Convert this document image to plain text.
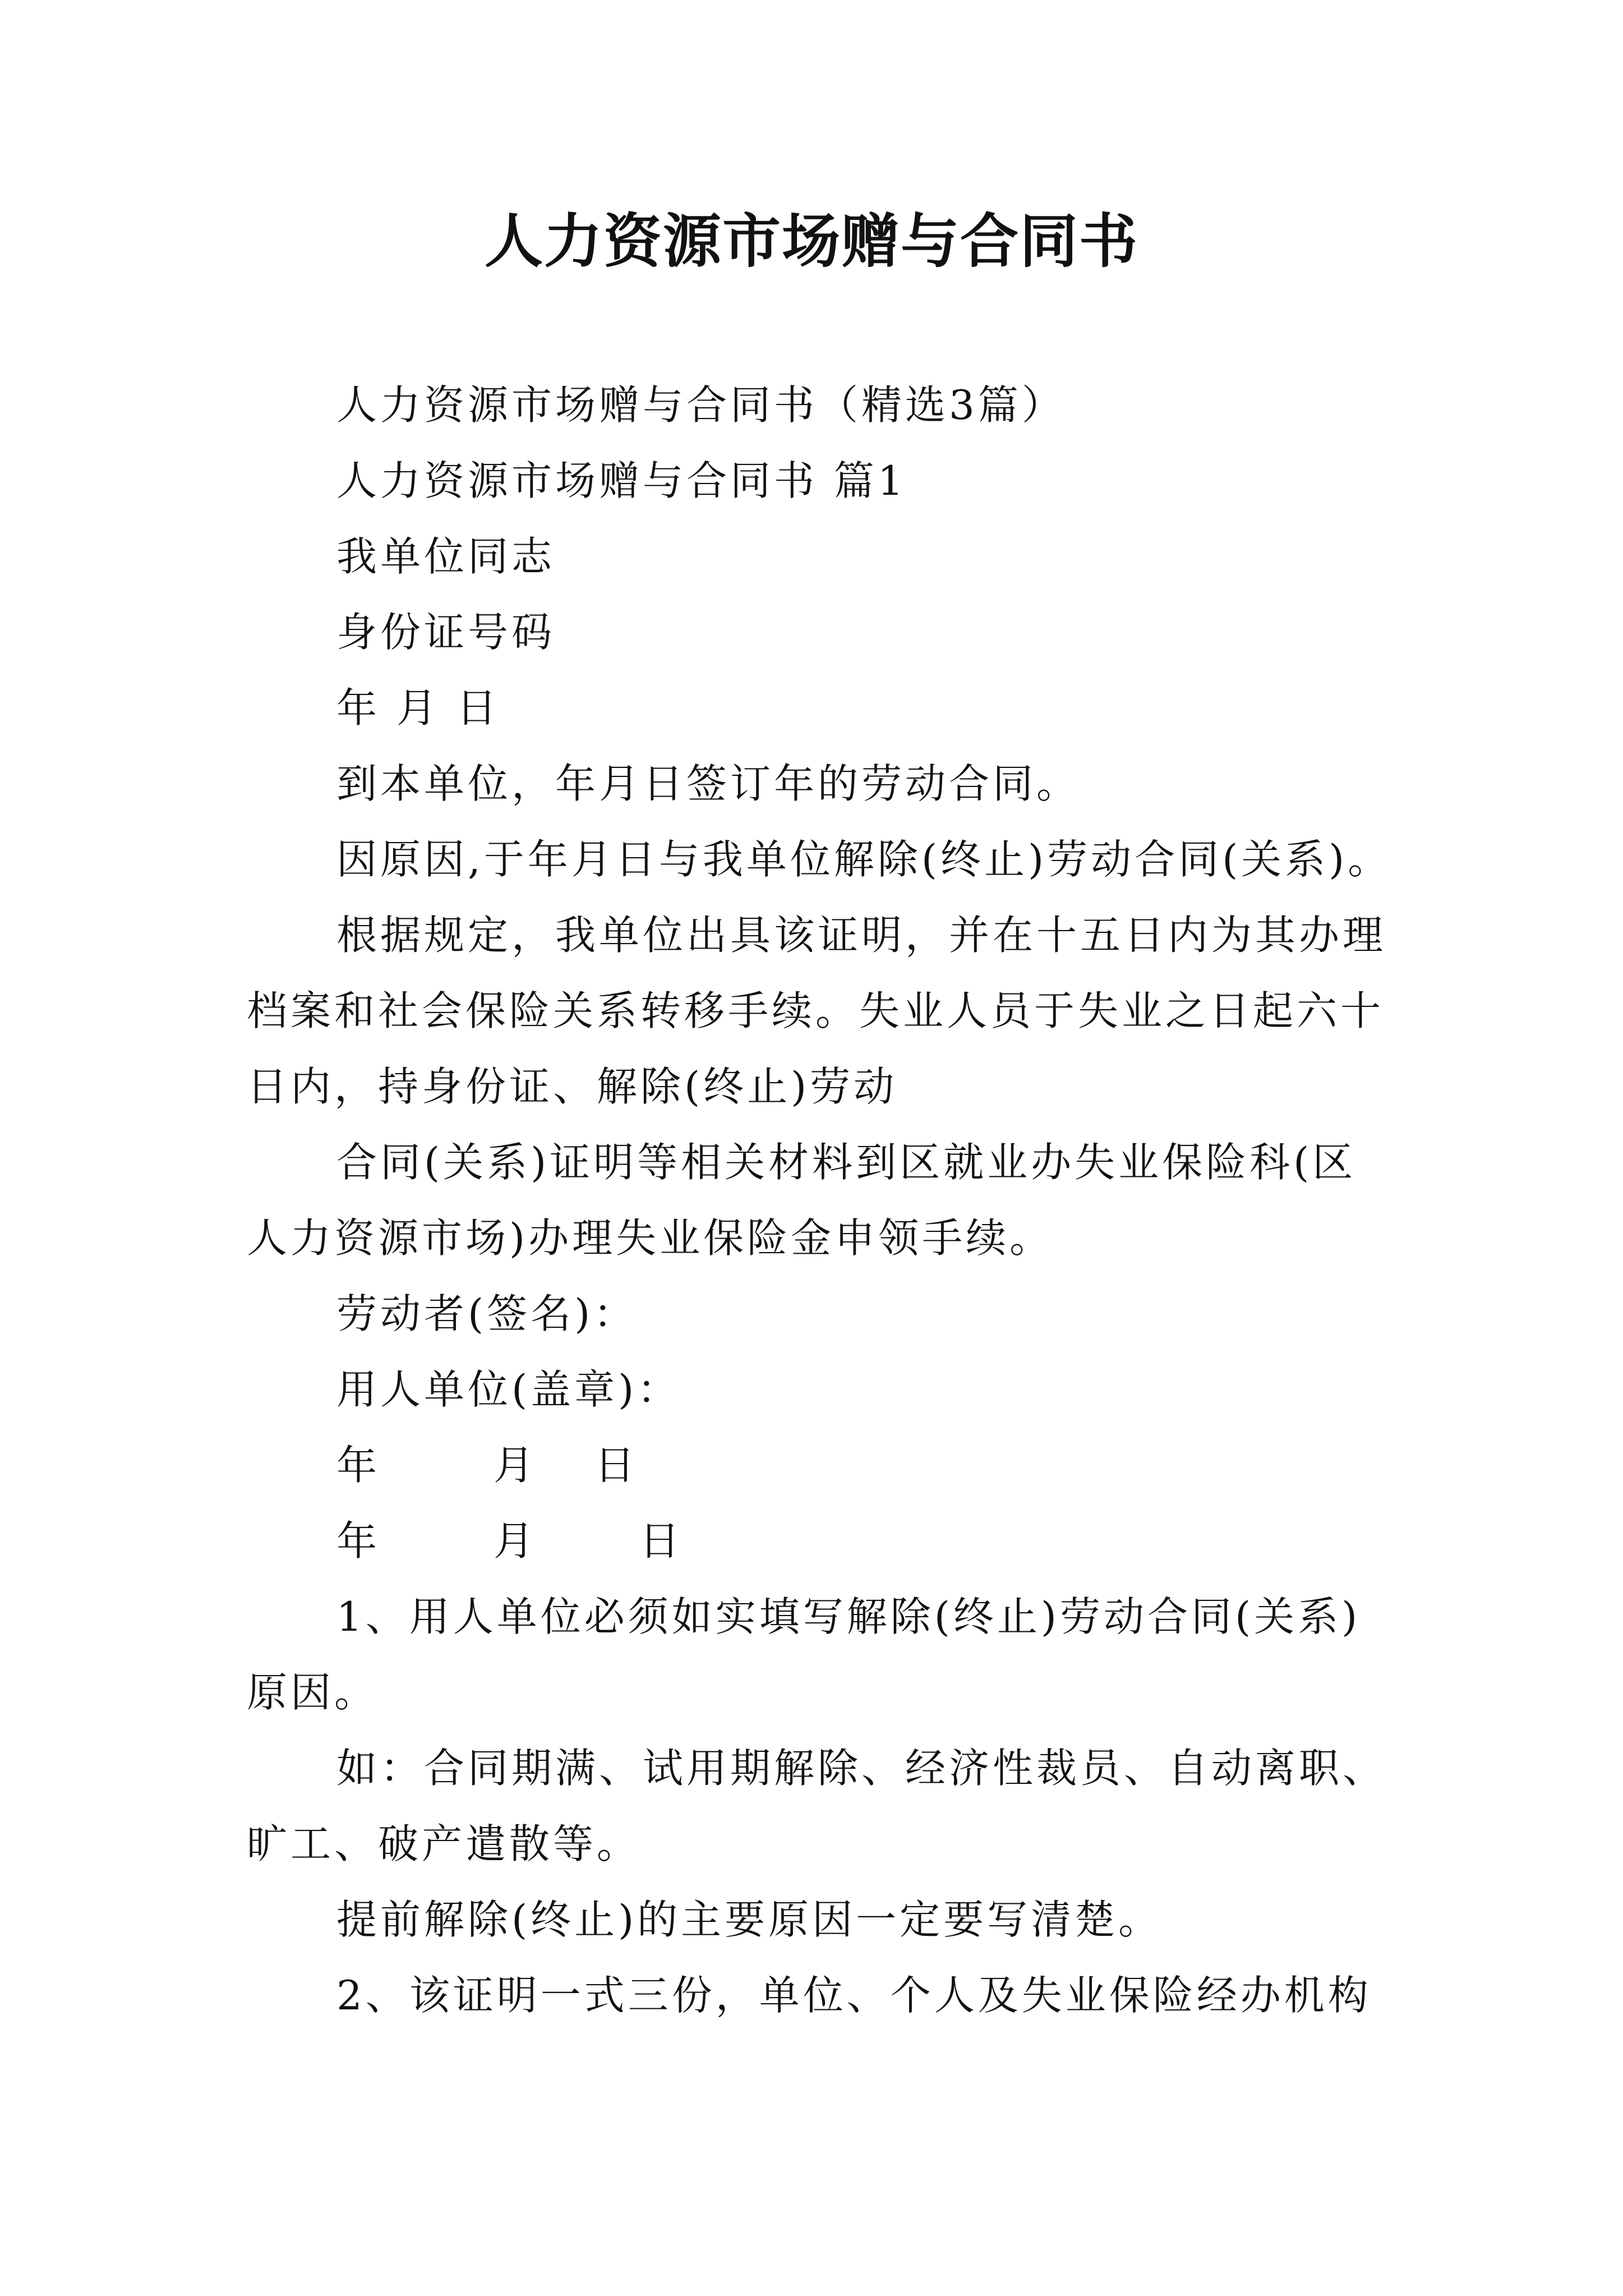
人力资源市场赠与合同书
人力资源市场赠与合同书（精选3篇）
人力资源市场赠与合同书 篇1
我单位同志
身份证号码
年 月 日
到本单位，年月日签订年的劳动合同。
因原因,于年月日与我单位解除(终止)劳动合同(关系)。
根据规定，我单位出具该证明，并在十五日内为其办理
档案和社会保险关系转移手续。失业人员于失业之日起六十
日内，持身份证、解除(终止)劳动
合同(关系)证明等相关材料到区就业办失业保险科(区
人力资源市场)办理失业保险金申领手续。
劳动者(签名)：
用人单位(盖章)：
年	月 日
年	月	日
1、用人单位必须如实填写解除(终止)劳动合同(关系)
原因。
如：合同期满、试用期解除、经济性裁员、自动离职、
旷工、破产遣散等。
提前解除(终止)的主要原因一定要写清楚。
2、该证明一式三份，单位、个人及失业保险经办机构
